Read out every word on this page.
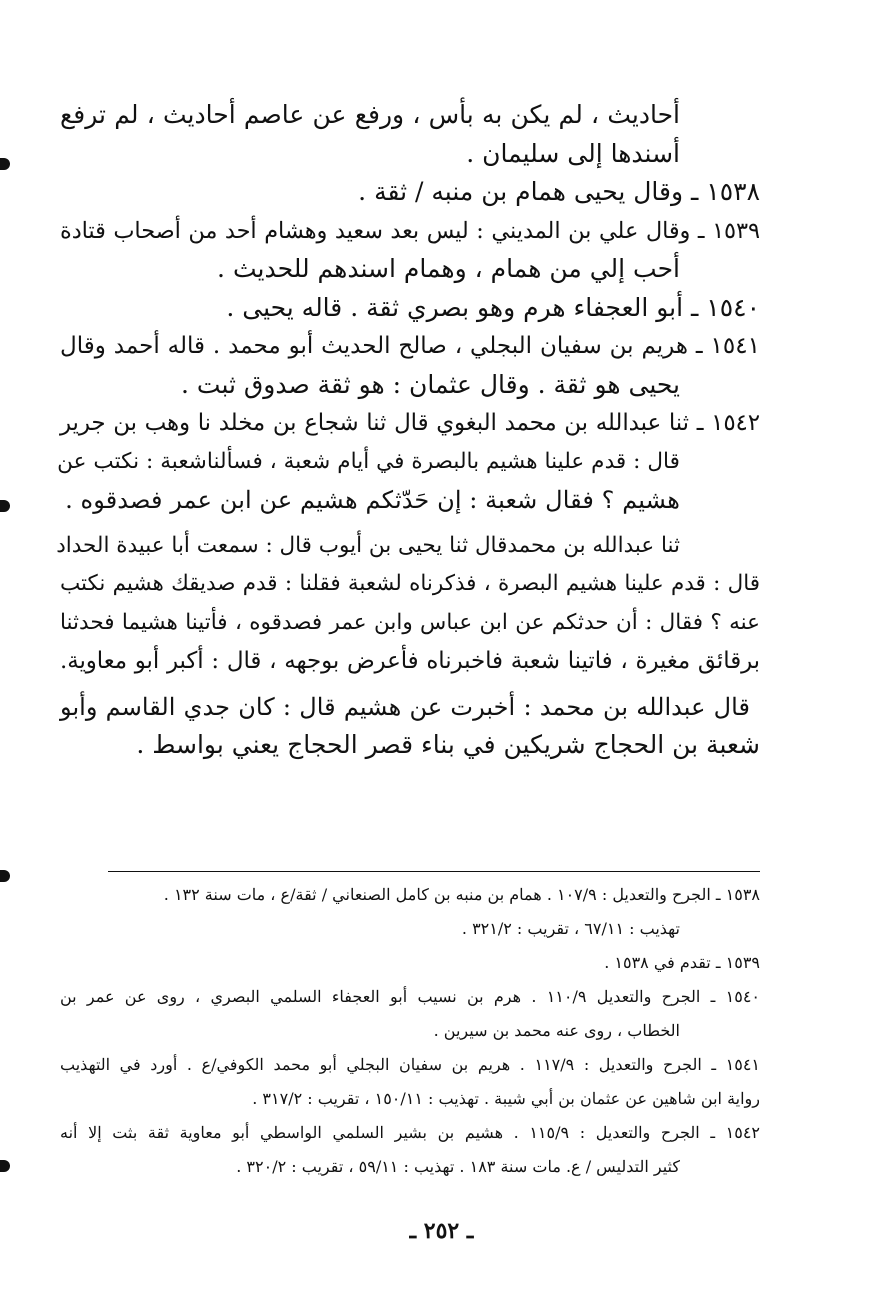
أحاديث ، لم يكن به بأس ، ورفع عن عاصم أحاديث ، لم ترفع
أسندها إلى سليمان .
١٥٣٨ ـ وقال يحيى همام بن منبه / ثقة .
١٥٣٩ ـ وقال علي بن المديني : ليس بعد سعيد وهشام أحد من أصحاب قتادة
أحب إلي من همام ، وهمام اسندهم للحديث .
١٥٤٠ ـ أبو العجفاء هرم وهو بصري ثقة . قاله يحيى .
١٥٤١ ـ هريم بن سفيان البجلي ، صالح الحديث أبو محمد . قاله أحمد وقال
يحيى هو ثقة . وقال عثمان : هو ثقة صدوق ثبت .
١٥٤٢ ـ ثنا عبدالله بن محمد البغوي قال ثنا شجاع بن مخلد نا وهب بن جرير
قال : قدم علينا هشيم بالبصرة في أيام شعبة ، فسألناشعبة : نكتب عن
هشيم ؟ فقال شعبة : إن حَدّثكم هشيم عن ابن عمر فصدقوه .
ثنا عبدالله بن محمدقال ثنا يحيى بن أيوب قال : سمعت أبا عبيدة الحداد
قال : قدم علينا هشيم البصرة ، فذكرناه لشعبة فقلنا : قدم صديقك هشيم نكتب
عنه ؟ فقال : أن حدثكم عن ابن عباس وابن عمر فصدقوه ، فأتينا هشيما فحدثنا
برقائق مغيرة ، فاتينا شعبة فاخبرناه فأعرض بوجهه ، قال : أكبر أبو معاوية.
قال عبدالله بن محمد : أخبرت عن هشيم قال : كان جدي القاسم وأبو
شعبة بن الحجاج شريكين في بناء قصر الحجاج يعني بواسط .
١٥٣٨ ـ الجرح والتعديل : ١٠٧/٩ . همام بن منبه بن كامل الصنعاني / ثقة/ع ، مات سنة ١٣٢ .
تهذيب : ٦٧/١١ ، تقريب : ٣٢١/٢ .
١٥٣٩ ـ تقدم في ١٥٣٨ .
١٥٤٠ ـ الجرح والتعديل ١١٠/٩ . هرم بن نسيب أبو العجفاء السلمي البصري ، روى عن عمر بن
الخطاب ، روى عنه محمد بن سيرين .
١٥٤١ ـ الجرح والتعديل : ١١٧/٩ . هريم بن سفيان البجلي أبو محمد الكوفي/ع . أورد في التهذيب
رواية ابن شاهين عن عثمان بن أبي شيبة . تهذيب : ١٥٠/١١ ، تقريب : ٣١٧/٢ .
١٥٤٢ ـ الجرح والتعديل : ١١٥/٩ . هشيم بن بشير السلمي الواسطي أبو معاوية ثقة بثت إلا أنه
كثير التدليس / ع. مات سنة ١٨٣ . تهذيب : ٥٩/١١ ، تقريب : ٣٢٠/٢ .
ـ ٢٥٢ ـ
